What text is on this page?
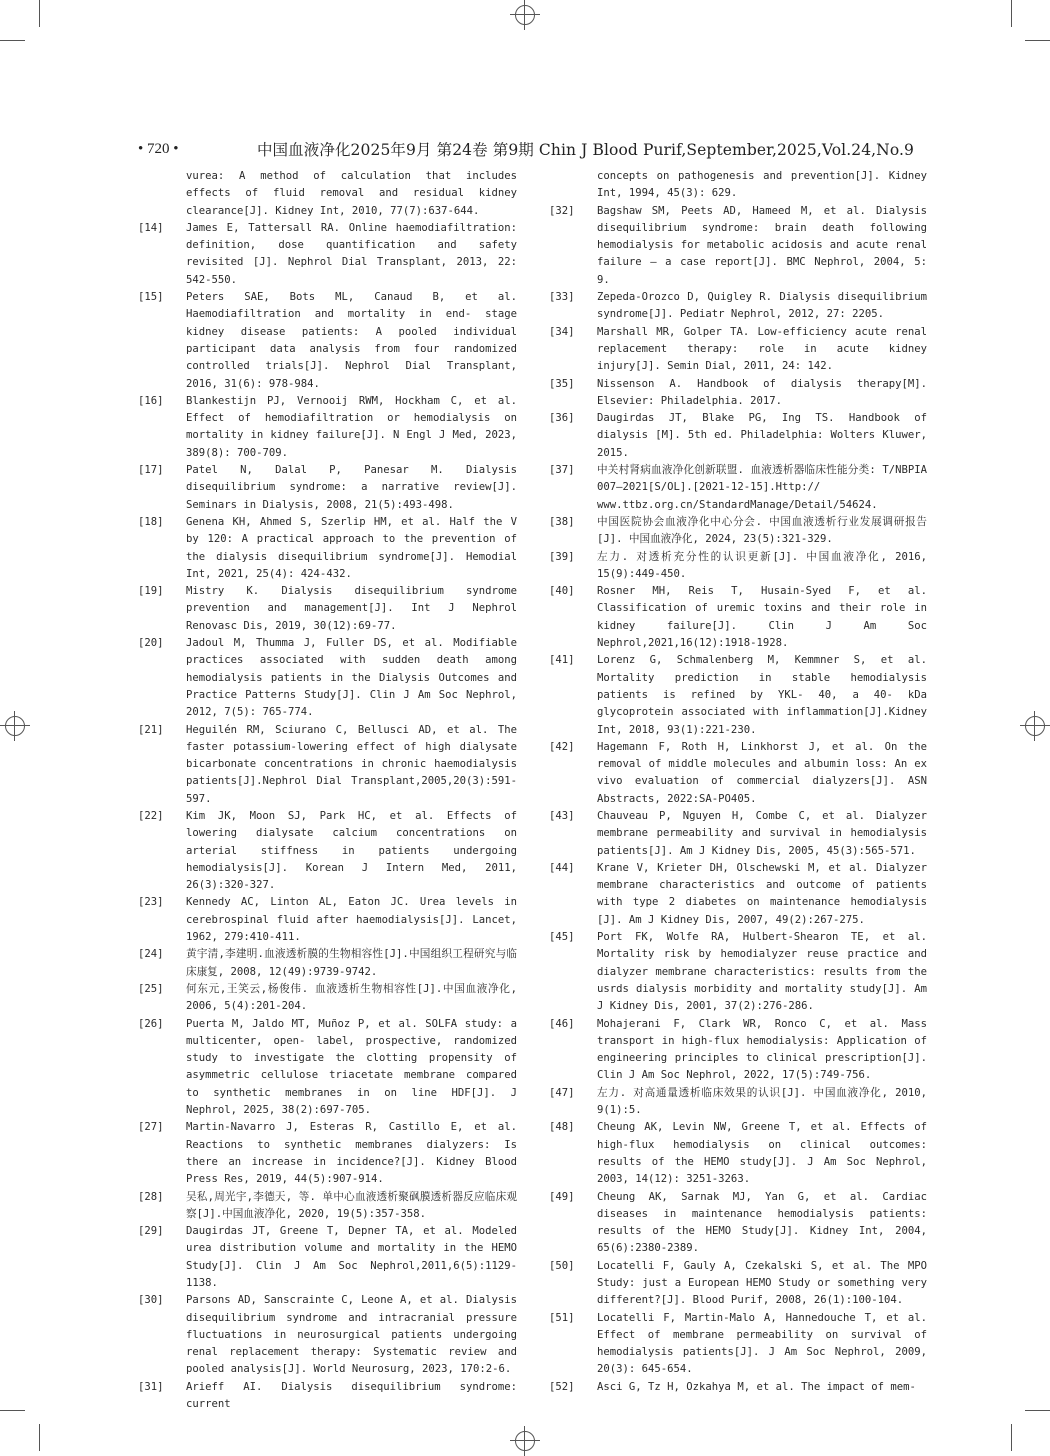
• 720 •	中国血液净化2025年9月 第24卷 第9期 Chin J Blood Purif,September,2025,Vol.24,No.9
vurea: A method of calculation that includes effects of fluid removal and residual kidney clearance[J]. Kidney Int, 2010, 77(7):637-644.
[14] James E, Tattersall RA. Online haemodiafiltration: definition, dose quantification and safety revisited [J]. Nephrol Dial Transplant, 2013, 22: 542-550.
[15] Peters SAE, Bots ML, Canaud B, et al. Haemodiafiltration and mortality in end- stage kidney disease patients: A pooled individual participant data analysis from four randomized controlled trials[J]. Nephrol Dial Transplant, 2016, 31(6): 978-984.
[16] Blankestijn PJ, Vernooij RWM, Hockham C, et al. Effect of hemodiafiltration or hemodialysis on mortality in kidney failure[J]. N Engl J Med, 2023, 389(8): 700-709.
[17] Patel N, Dalal P, Panesar M. Dialysis disequilibrium syndrome: a narrative review[J]. Seminars in Dialysis, 2008, 21(5):493-498.
[18] Genena KH, Ahmed S, Szerlip HM, et al. Half the V by 120: A practical approach to the prevention of the dialysis disequilibrium syndrome[J]. Hemodial Int, 2021, 25(4): 424-432.
[19] Mistry K. Dialysis disequilibrium syndrome prevention and management[J]. Int J Nephrol Renovasc Dis, 2019, 30(12):69-77.
[20] Jadoul M, Thumma J, Fuller DS, et al. Modifiable practices associated with sudden death among hemodialysis patients in the Dialysis Outcomes and Practice Patterns Study[J]. Clin J Am Soc Nephrol, 2012, 7(5): 765-774.
[21] Heguilén RM, Sciurano C, Bellusci AD, et al. The faster potassium-lowering effect of high dialysate bicarbonate concentrations in chronic haemodialysis patients[J].Nephrol Dial Transplant,2005,20(3):591-597.
[22] Kim JK, Moon SJ, Park HC, et al. Effects of lowering dialysate calcium concentrations on arterial stiffness in patients undergoing hemodialysis[J]. Korean J Intern Med, 2011, 26(3):320-327.
[23] Kennedy AC, Linton AL, Eaton JC. Urea levels in cerebrospinal fluid after haemodialysis[J]. Lancet, 1962, 279:410-411.
[24] 黄宇清,李建明.血液透析膜的生物相容性[J].中国组织工程研究与临床康复, 2008, 12(49):9739-9742.
[25] 何东元,王笑云,杨俊伟. 血液透析生物相容性[J].中国血液净化, 2006, 5(4):201-204.
[26] Puerta M, Jaldo MT, Muñoz P, et al. SOLFA study: a multicenter, open- label, prospective, randomized study to investigate the clotting propensity of asymmetric cellulose triacetate membrane compared to synthetic membranes in on line HDF[J]. J Nephrol, 2025, 38(2):697-705.
[27] Martin-Navarro J, Esteras R, Castillo E, et al. Reactions to synthetic membranes dialyzers: Is there an increase in incidence?[J]. Kidney Blood Press Res, 2019, 44(5):907-914.
[28] 吴私,周光宇,李德天, 等. 单中心血液透析聚砜膜透析器反应临床观察[J].中国血液净化, 2020, 19(5):357-358.
[29] Daugirdas JT, Greene T, Depner TA, et al. Modeled urea distribution volume and mortality in the HEMO Study[J]. Clin J Am Soc Nephrol,2011,6(5):1129-1138.
[30] Parsons AD, Sanscrainte C, Leone A, et al. Dialysis disequilibrium syndrome and intracranial pressure fluctuations in neurosurgical patients undergoing renal replacement therapy: Systematic review and pooled analysis[J]. World Neurosurg, 2023, 170:2-6.
[31] Arieff AI. Dialysis disequilibrium syndrome: current
concepts on pathogenesis and prevention[J]. Kidney Int, 1994, 45(3): 629.
[32] Bagshaw SM, Peets AD, Hameed M, et al. Dialysis disequilibrium syndrome: brain death following hemodialysis for metabolic acidosis and acute renal failure – a case report[J]. BMC Nephrol, 2004, 5: 9.
[33] Zepeda-Orozco D, Quigley R. Dialysis disequilibrium syndrome[J]. Pediatr Nephrol, 2012, 27: 2205.
[34] Marshall MR, Golper TA. Low-efficiency acute renal replacement therapy: role in acute kidney injury[J]. Semin Dial, 2011, 24: 142.
[35] Nissenson A. Handbook of dialysis therapy[M]. Elsevier: Philadelphia. 2017.
[36] Daugirdas JT, Blake PG, Ing TS. Handbook of dialysis [M]. 5th ed. Philadelphia: Wolters Kluwer, 2015.
[37] 中关村肾病血液净化创新联盟. 血液透析器临床性能分类: T/NBPIA 007—2021[S/OL].[2021-12-15].Http:// www.ttbz.org.cn/StandardManage/Detail/54624.
[38] 中国医院协会血液净化中心分会. 中国血液透析行业发展调研报告[J]. 中国血液净化, 2024, 23(5):321-329.
[39] 左力. 对透析充分性的认识更新[J]. 中国血液净化, 2016, 15(9):449-450.
[40] Rosner MH, Reis T, Husain-Syed F, et al. Classification of uremic toxins and their role in kidney failure[J]. Clin J Am Soc Nephrol,2021,16(12):1918-1928.
[41] Lorenz G, Schmalenberg M, Kemmner S, et al. Mortality prediction in stable hemodialysis patients is refined by YKL- 40, a 40- kDa glycoprotein associated with inflammation[J].Kidney Int, 2018, 93(1):221-230.
[42] Hagemann F, Roth H, Linkhorst J, et al. On the removal of middle molecules and albumin loss: An ex vivo evaluation of commercial dialyzers[J]. ASN Abstracts, 2022:SA-PO405.
[43] Chauveau P, Nguyen H, Combe C, et al. Dialyzer membrane permeability and survival in hemodialysis patients[J]. Am J Kidney Dis, 2005, 45(3):565-571.
[44] Krane V, Krieter DH, Olschewski M, et al. Dialyzer membrane characteristics and outcome of patients with type 2 diabetes on maintenance hemodialysis [J]. Am J Kidney Dis, 2007, 49(2):267-275.
[45] Port FK, Wolfe RA, Hulbert-Shearon TE, et al. Mortality risk by hemodialyzer reuse practice and dialyzer membrane characteristics: results from the usrds dialysis morbidity and mortality study[J]. Am J Kidney Dis, 2001, 37(2):276-286.
[46] Mohajerani F, Clark WR, Ronco C, et al. Mass transport in high-flux hemodialysis: Application of engineering principles to clinical prescription[J]. Clin J Am Soc Nephrol, 2022, 17(5):749-756.
[47] 左力. 对高通量透析临床效果的认识[J]. 中国血液净化, 2010, 9(1):5.
[48] Cheung AK, Levin NW, Greene T, et al. Effects of high-flux hemodialysis on clinical outcomes: results of the HEMO study[J]. J Am Soc Nephrol, 2003, 14(12): 3251-3263.
[49] Cheung AK, Sarnak MJ, Yan G, et al. Cardiac diseases in maintenance hemodialysis patients: results of the HEMO Study[J]. Kidney Int, 2004, 65(6):2380-2389.
[50] Locatelli F, Gauly A, Czekalski S, et al. The MPO Study: just a European HEMO Study or something very different?[J]. Blood Purif, 2008, 26(1):100-104.
[51] Locatelli F, Martin-Malo A, Hannedouche T, et al. Effect of membrane permeability on survival of hemodialysis patients[J]. J Am Soc Nephrol, 2009, 20(3): 645-654.
[52] Asci G, Tz H, Ozkahya M, et al. The impact of mem-
